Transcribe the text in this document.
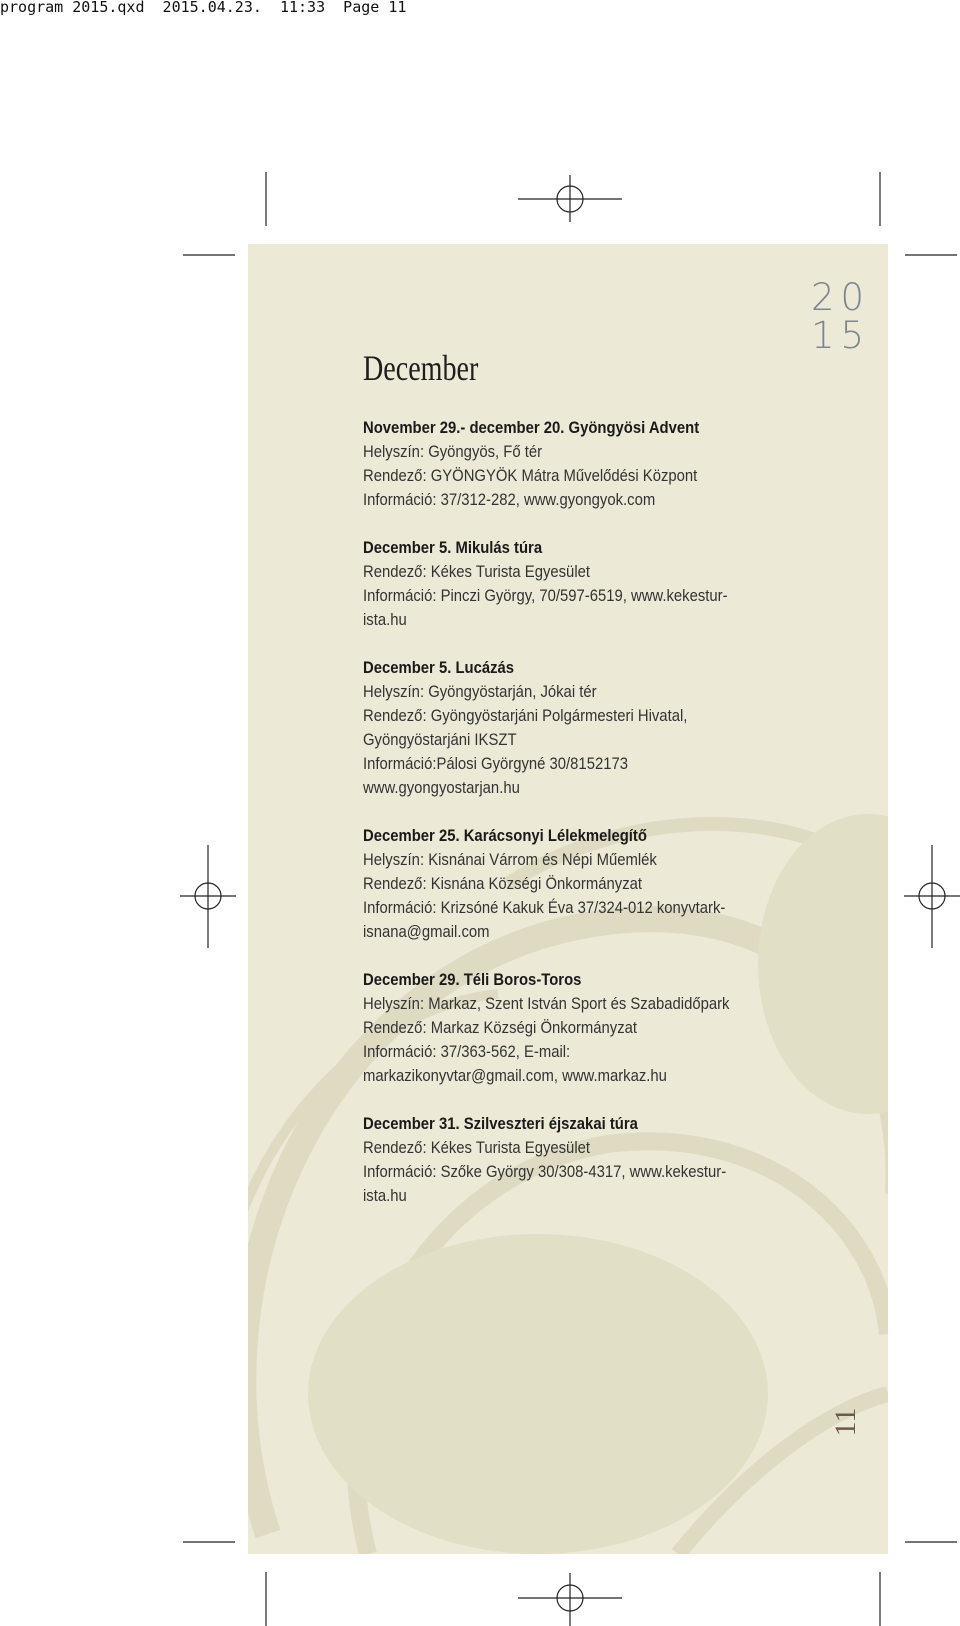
program 2015.qxd  2015.04.23.  11:33  Page 11

20
15
December

November 29.- december 20. Gyöngyösi Advent

Helyszín: Gyöngyös, Fő tér

Rendező: GYÖNGYÖK Mátra Művelődési Központ

Információ: 37/312-282, www.gyongyok.com

December 5. Mikulás túra

Rendező: Kékes Turista Egyesület

Információ: Pinczi György, 70/597-6519, www.kekestur-

ista.hu

December 5. Lucázás

Helyszín: Gyöngyöstarján, Jókai tér

Rendező: Gyöngyöstarjáni Polgármesteri Hivatal,

Gyöngyöstarjáni IKSZT

Információ:Pálosi Györgyné 30/8152173

www.gyongyostarjan.hu

December 25. Karácsonyi Lélekmelegítő

Helyszín: Kisnánai Várrom és Népi Műemlék

Rendező: Kisnána Községi Önkormányzat

Információ: Krizsóné Kakuk Éva 37/324-012 konyvtark-

isnana@gmail.com

December 29. Téli Boros-Toros

Helyszín: Markaz, Szent István Sport és Szabadidőpark

Rendező: Markaz Községi Önkormányzat

Információ: 37/363-562, E-mail:

markazikonyvtar@gmail.com, www.markaz.hu

December 31. Szilveszteri éjszakai túra

Rendező: Kékes Turista Egyesület

Információ: Szőke György 30/308-4317, www.kekestur-

ista.hu

11
